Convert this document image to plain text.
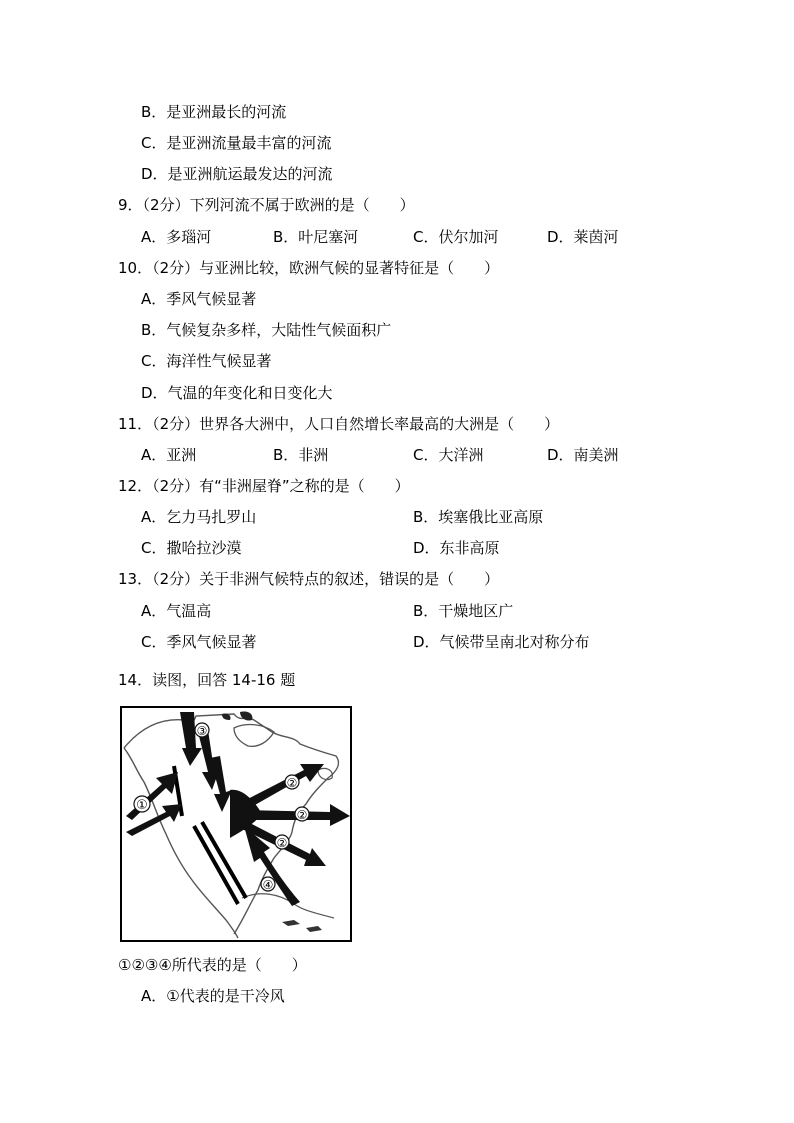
B．是亚洲最长的河流
C．是亚洲流量最丰富的河流
D．是亚洲航运最发达的河流
9．（2分）下列河流不属于欧洲的是（　　）
A．多瑙河	B．叶尼塞河	C．伏尔加河	D．莱茵河
10．（2分）与亚洲比较，欧洲气候的显著特征是（　　）
A．季风气候显著
B．气候复杂多样，大陆性气候面积广
C．海洋性气候显著
D．气温的年变化和日变化大
11．（2分）世界各大洲中，人口自然增长率最高的大洲是（　　）
A．亚洲	B．非洲	C．大洋洲	D．南美洲
12．（2分）有“非洲屋脊”之称的是（　　）
A．乞力马扎罗山	B．埃塞俄比亚高原
C．撒哈拉沙漠	D．东非高原
13．（2分）关于非洲气候特点的叙述，错误的是（　　）
A．气温高	B．干燥地区广
C．季风气候显著	D．气候带呈南北对称分布
14．读图，回答 14-16 题
①
③
②
②
②
④
①②③④所代表的是（　　）
A．①代表的是干冷风
